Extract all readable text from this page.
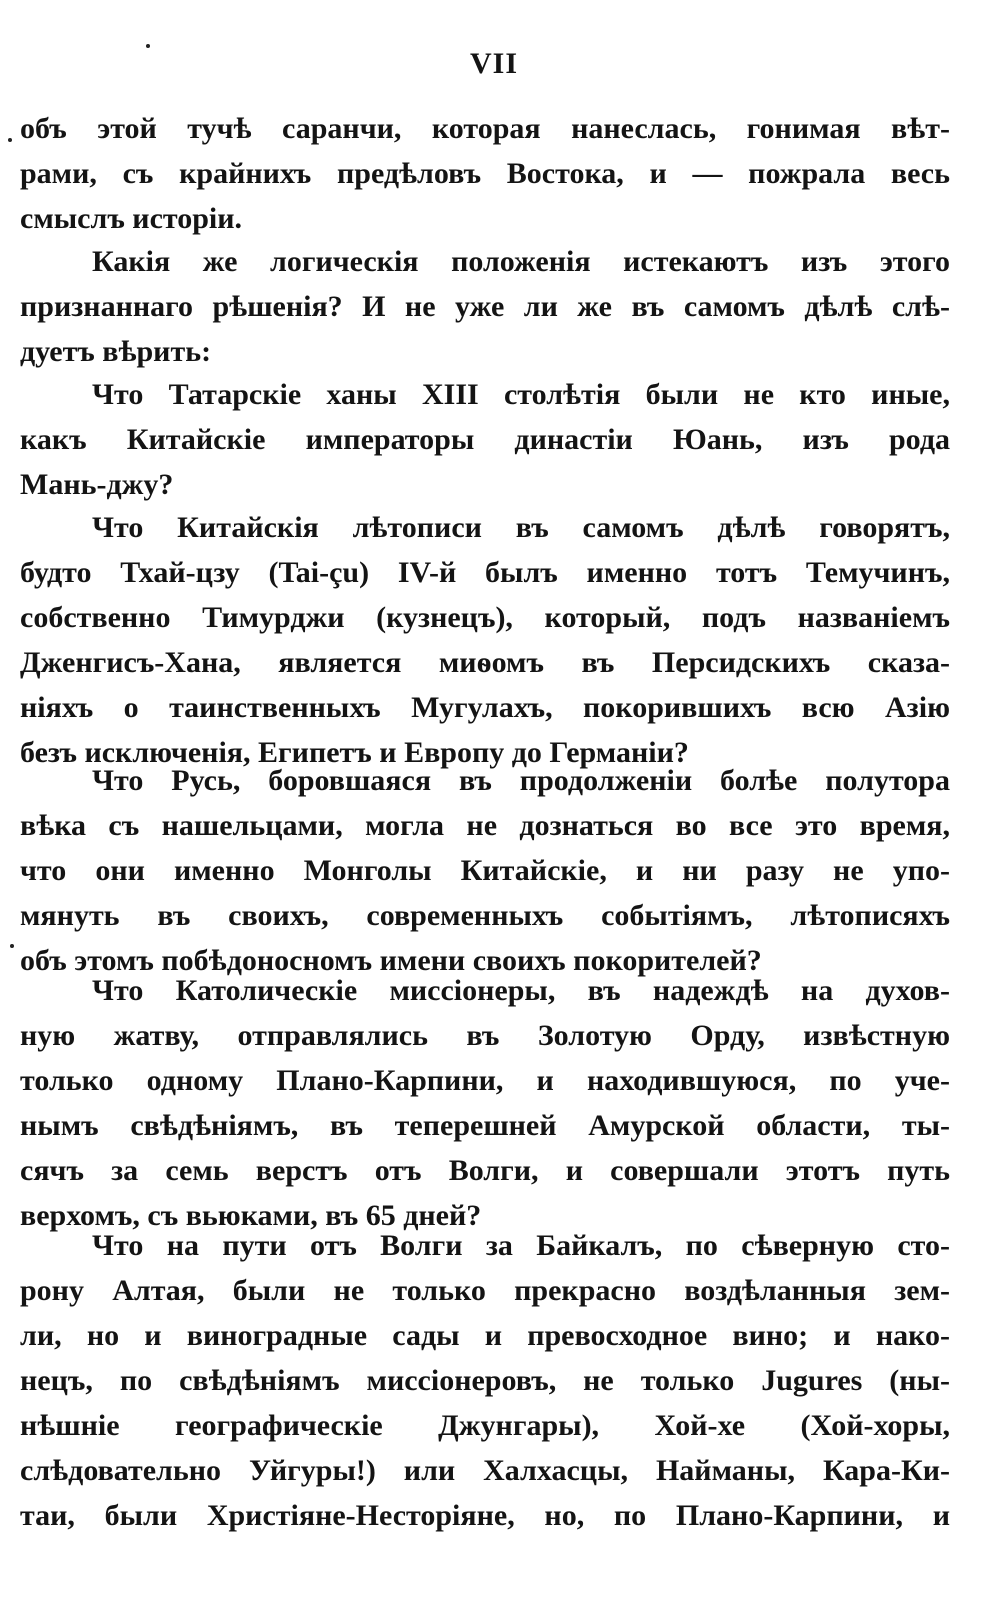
VII
объ этой тучѣ саранчи, которая нанеслась, гонимая вѣт-
рами, съ крайнихъ предѣловъ Востока, и — пожрала весь
смыслъ исторіи.
Какія же логическія положенія истекаютъ изъ этого
признаннаго рѣшенія? И не уже ли же въ самомъ дѣлѣ слѣ-
дуетъ вѣрить:
Что Татарскіе ханы XIII столѣтія были не кто иные,
какъ Китайскіе императоры династіи Юань, изъ рода
Мань-джу?
Что Китайскія лѣтописи въ самомъ дѣлѣ говорятъ,
будто Тхай-цзу (Tai-çu) IV-й былъ именно тотъ Темучинъ,
собственно Тимурджи (кузнецъ), который, подъ названіемъ
Дженгисъ-Хана, является миѳомъ въ Персидскихъ сказа-
ніяхъ о таинственныхъ Мугулахъ, покорившихъ всю Азію
безъ исключенія, Египетъ и Европу до Германіи?
Что Русь, боровшаяся въ продолженіи болѣе полутора
вѣка съ нашельцами, могла не дознаться во все это время,
что они именно Монголы Китайскіе, и ни разу не упо-
мянуть въ своихъ, современныхъ событіямъ, лѣтописяхъ
объ этомъ побѣдоносномъ имени своихъ покорителей?
Что Католическіе миссіонеры, въ надеждѣ на духов-
ную жатву, отправлялись въ Золотую Орду, извѣстную
только одному Плано-Карпини, и находившуюся, по уче-
нымъ свѣдѣніямъ, въ теперешней Амурской области, ты-
сячъ за семь верстъ отъ Волги, и совершали этотъ путь
верхомъ, съ вьюками, въ 65 дней?
Что на пути отъ Волги за Байкалъ, по сѣверную сто-
рону Алтая, были не только прекрасно воздѣланныя зем-
ли, но и виноградные сады и превосходное вино; и нако-
нецъ, по свѣдѣніямъ миссіонеровъ, не только Jugures (ны-
нѣшніе географическіе Джунгары), Хой-хе (Хой-хоры,
слѣдовательно Уйгуры!) или Халхасцы, Найманы, Кара-Ки-
таи, были Христіяне-Несторіяне, но, по Плано-Карпини, и
